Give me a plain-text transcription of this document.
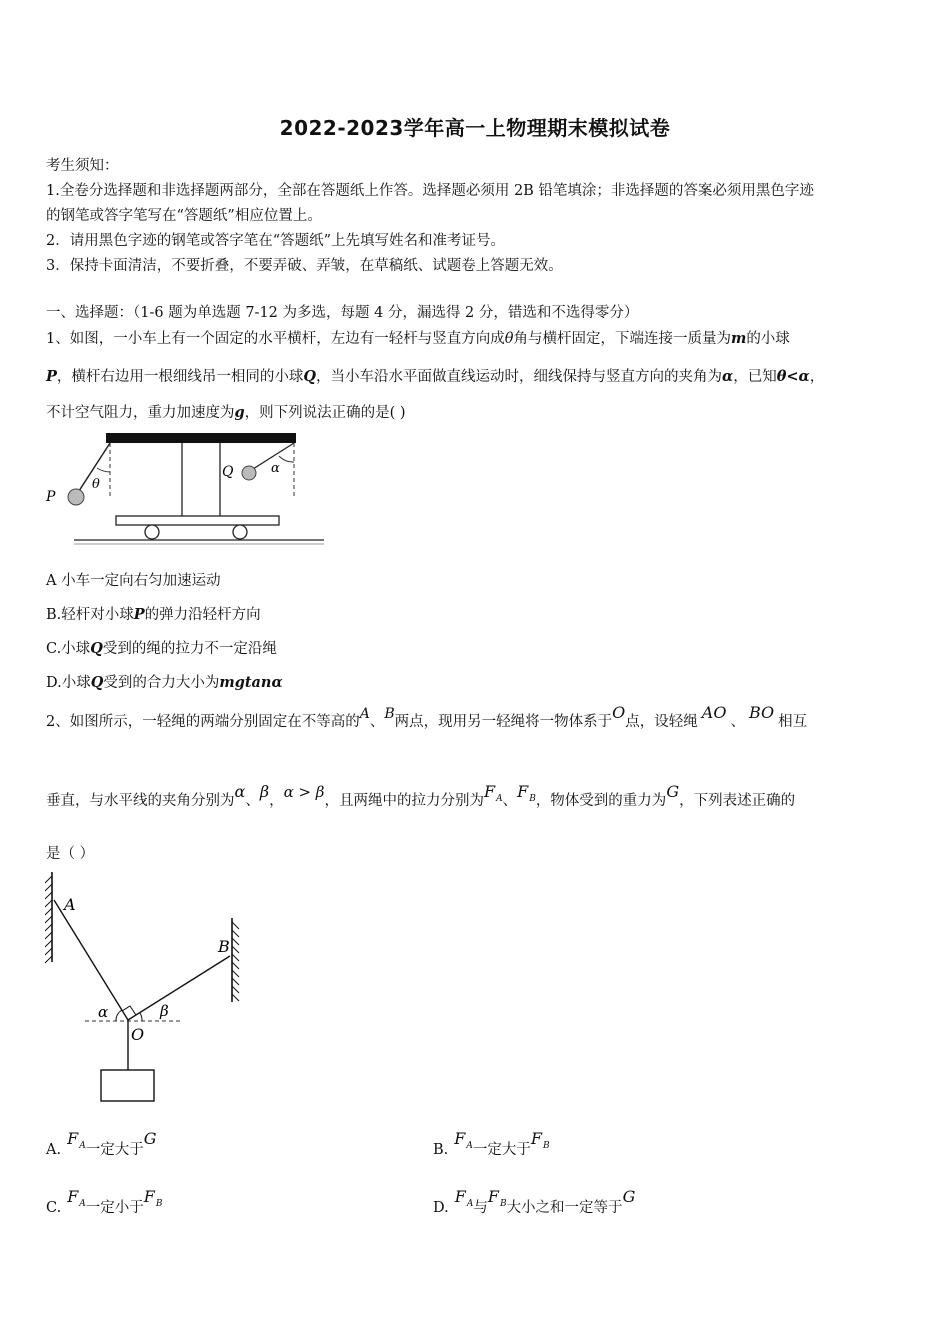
2022-2023学年高一上物理期末模拟试卷
考生须知：
1.全卷分选择题和非选择题两部分，全部在答题纸上作答。选择题必须用 2B 铅笔填涂；非选择题的答案必须用黑色字迹
的钢笔或答字笔写在“答题纸”相应位置上。
2．请用黑色字迹的钢笔或答字笔在“答题纸”上先填写姓名和准考证号。
3．保持卡面清洁，不要折叠，不要弄破、弄皱，在草稿纸、试题卷上答题无效。
一、选择题：（1-6 题为单选题 7-12 为多选，每题 4 分，漏选得 2 分，错选和不选得零分）
1、如图，一小车上有一个固定的水平横杆，左边有一轻杆与竖直方向成θ角与横杆固定，下端连接一质量为m的小球
P，横杆右边用一根细线吊一相同的小球Q，当小车沿水平面做直线运动时，细线保持与竖直方向的夹角为α，已知θ<α，
不计空气阻力，重力加速度为g，则下列说法正确的是( )
P
θ
Q	α
A 小车一定向右匀加速运动
B.轻杆对小球P的弹力沿轻杆方向
C.小球Q受到的绳的拉力不一定沿绳
D.小球Q受到的合力大小为mgtanα
2、如图所示，一轻绳的两端分别固定在不等高的A、B两点，现用另一轻绳将一物体系于O点，设轻绳 AO 、 BO 相互
垂直，与水平线的夹角分别为α、β，α > β，且两绳中的拉力分别为$F^A$、$F^B$，物体受到的重力为G，下列表述正确的
是（ ）
A
B
α	β
O
$A.F^A$一定大于G
$B.F^A$一定大于$F^B$
$C.F^A$一定小于$F^B$	$D.F^A$与$F^B$大小之和一定等于G
